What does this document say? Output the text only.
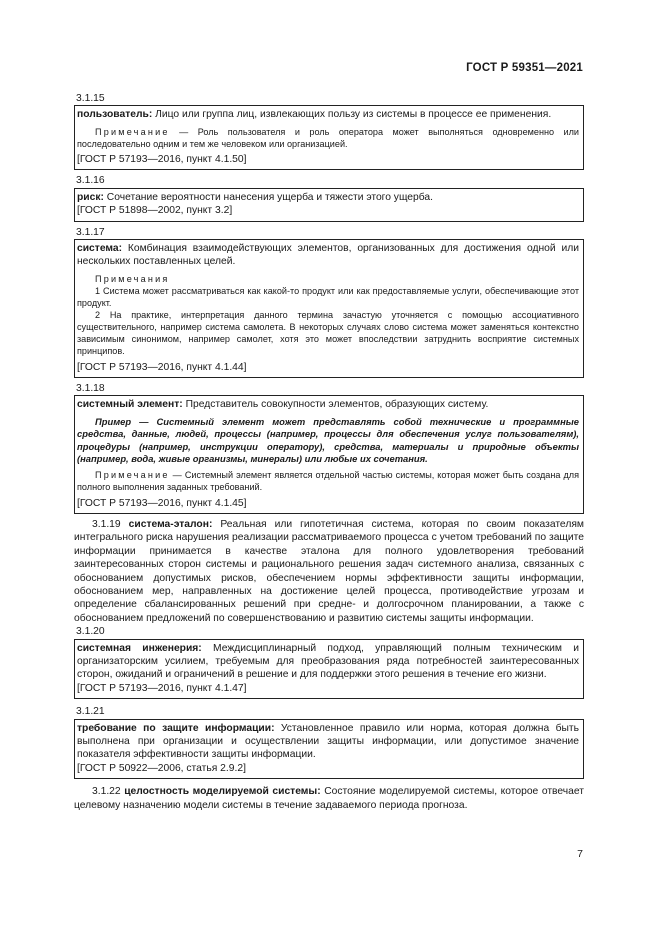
ГОСТ Р 59351—2021

3.1.15

пользователь: Лицо или группа лиц, извлекающих пользу из системы в процессе ее применения.

Примечание — Роль пользователя и роль оператора может выполняться одновременно или последовательно одним и тем же человеком или организацией.

[ГОСТ Р 57193—2016, пункт 4.1.50]

3.1.16

риск: Сочетание вероятности нанесения ущерба и тяжести этого ущерба.

[ГОСТ Р 51898—2002, пункт 3.2]

3.1.17

система: Комбинация взаимодействующих элементов, организованных для достижения одной или нескольких поставленных целей.

Примечания

1 Система может рассматриваться как какой-то продукт или как предоставляемые услуги, обеспечивающие этот продукт.

2 На практике, интерпретация данного термина зачастую уточняется с помощью ассоциативного существительного, например система самолета. В некоторых случаях слово система может заменяться контекстно зависимым синонимом, например самолет, хотя это может впоследствии затруднить восприятие системных принципов.

[ГОСТ Р 57193—2016, пункт 4.1.44]

3.1.18

системный элемент: Представитель совокупности элементов, образующих систему.

Пример — Системный элемент может представлять собой технические и программные средства, данные, людей, процессы (например, процессы для обеспечения услуг пользователям), процедуры (например, инструкции оператору), средства, материалы и природные объекты (например, вода, живые организмы, минералы) или любые их сочетания.

Примечание — Системный элемент является отдельной частью системы, которая может быть создана для полного выполнения заданных требований.

[ГОСТ Р 57193—2016, пункт 4.1.45]

3.1.19 система-эталон: Реальная или гипотетичная система, которая по своим показателям интегрального риска нарушения реализации рассматриваемого процесса с учетом требований по защите информации принимается в качестве эталона для полного удовлетворения требований заинтересованных сторон системы и рационального решения задач системного анализа, связанных с обоснованием допустимых рисков, обеспечением нормы эффективности защиты информации, обоснованием мер, направленных на достижение целей процесса, противодействие угрозам и определение сбалансированных решений при средне- и долгосрочном планировании, а также с обоснованием предложений по совершенствованию и развитию системы защиты информации.

3.1.20

системная инженерия: Междисциплинарный подход, управляющий полным техническим и организаторским усилием, требуемым для преобразования ряда потребностей заинтересованных сторон, ожиданий и ограничений в решение и для поддержки этого решения в течение его жизни.

[ГОСТ Р 57193—2016, пункт 4.1.47]

3.1.21

требование по защите информации: Установленное правило или норма, которая должна быть выполнена при организации и осуществлении защиты информации, или допустимое значение показателя эффективности защиты информации.

[ГОСТ Р 50922—2006, статья 2.9.2]

3.1.22 целостность моделируемой системы: Состояние моделируемой системы, которое отвечает целевому назначению модели системы в течение задаваемого периода прогноза.

7
